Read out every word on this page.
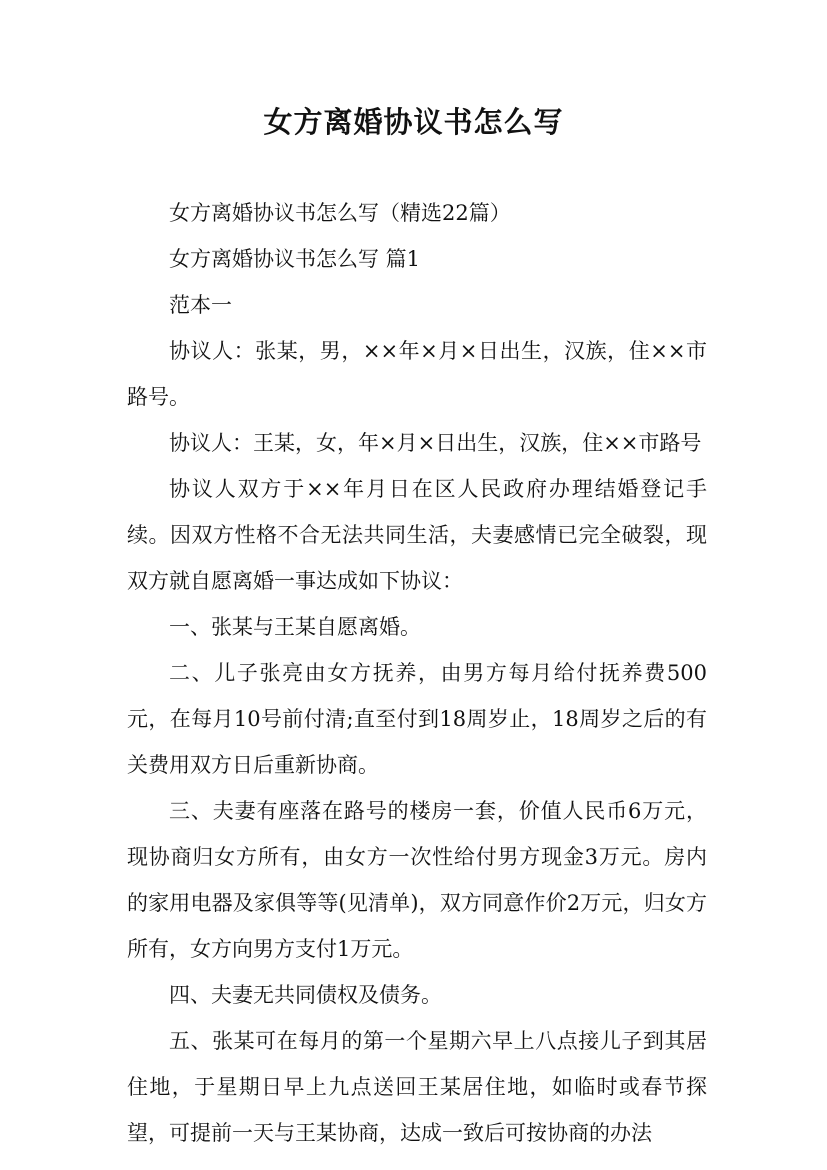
女方离婚协议书怎么写

女方离婚协议书怎么写（精选22篇）

女方离婚协议书怎么写 篇1

范本一

协议人：张某，男，××年×月×日出生，汉族，住××市路号。

协议人：王某，女，年×月×日出生，汉族，住××市路号

协议人双方于××年月日在区人民政府办理结婚登记手续。因双方性格不合无法共同生活，夫妻感情已完全破裂，现双方就自愿离婚一事达成如下协议：

一、张某与王某自愿离婚。

二、儿子张亮由女方抚养，由男方每月给付抚养费500元，在每月10号前付清;直至付到18周岁止，18周岁之后的有关费用双方日后重新协商。

三、夫妻有座落在路号的楼房一套，价值人民币6万元，现协商归女方所有，由女方一次性给付男方现金3万元。房内的家用电器及家俱等等(见清单)，双方同意作价2万元，归女方所有，女方向男方支付1万元。

四、夫妻无共同债权及债务。

五、张某可在每月的第一个星期六早上八点接儿子到其居住地，于星期日早上九点送回王某居住地，如临时或春节探望，可提前一天与王某协商，达成一致后可按协商的办法
